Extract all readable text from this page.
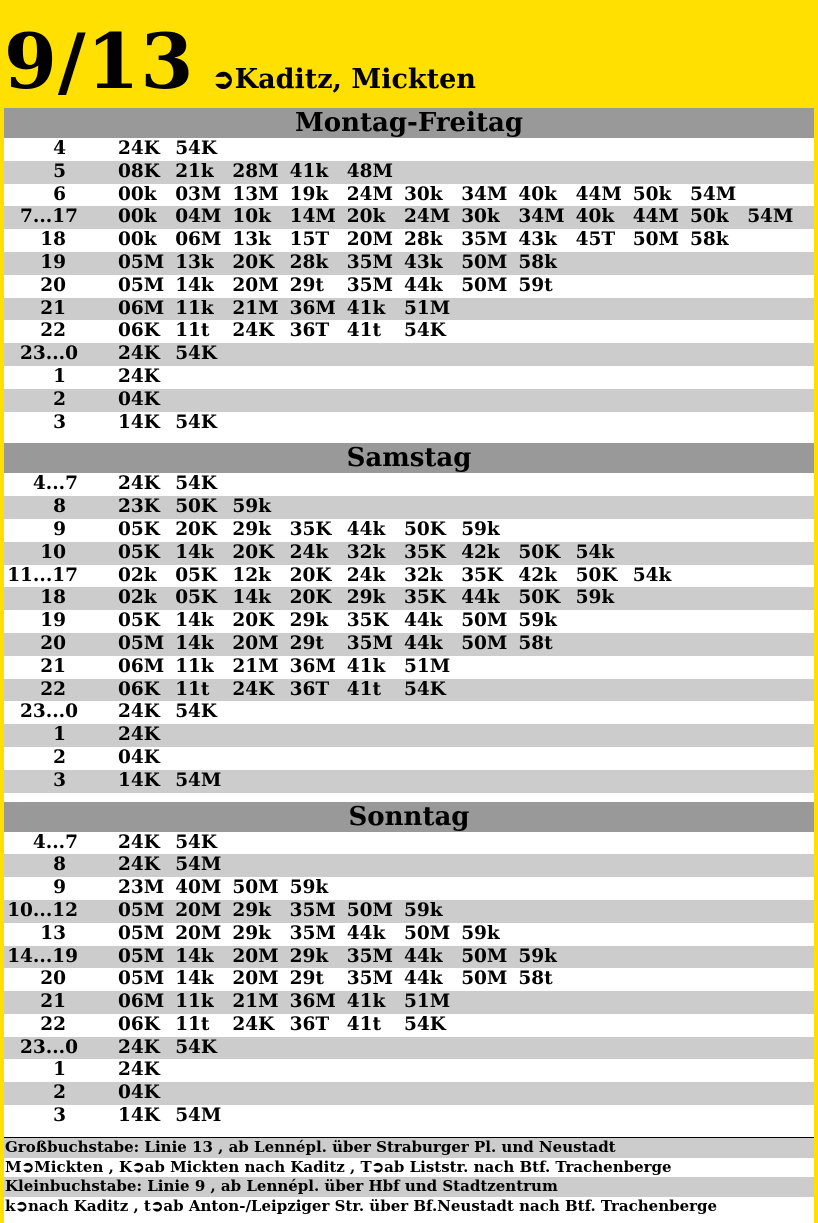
9/13 ➲Kaditz, Mickten
Montag-Freitag
4	24K 54K
5	08K 21k 28M 41k 48M
6	00k 03M 13M 19k 24M 30k 34M 40k 44M 50k 54M
7...17 00k 04M 10k 14M 20k 24M 30k 34M 40k 44M 50k 54M
18	00k 06M 13k 15T 20M 28k 35M 43k 45T 50M 58k
19	05M 13k 20K 28k 35M 43k 50M 58k
20	05M 14k 20M 29t 35M 44k 50M 59t
21	06M 11k 21M 36M 41k 51M
22	06K 11t 24K 36T 41t 54K
23...0 24K 54K
1	24K
2	04K
3	14K 54K
Samstag
4...7 24K 54K
8	23K 50K 59k
9	05K 20K 29k 35K 44k 50K 59k
10	05K 14k 20K 24k 32k 35K 42k 50K 54k
11...17 02k 05K 12k 20K 24k 32k 35K 42k 50K 54k
18	02k 05K 14k 20K 29k 35K 44k 50K 59k
19	05K 14k 20K 29k 35K 44k 50M 59k
20	05M 14k 20M 29t 35M 44k 50M 58t
21	06M 11k 21M 36M 41k 51M
22	06K 11t 24K 36T 41t 54K
23...0 24K 54K
1	24K
2	04K
3	14K 54M
Sonntag
4...7 24K 54K
8	24K 54M
9	23M 40M 50M 59k
10...12 05M 20M 29k 35M 50M 59k
13	05M 20M 29k 35M 44k 50M 59k
14...19 05M 14k 20M 29k 35M 44k 50M 59k
20	05M 14k 20M 29t 35M 44k 50M 58t
21	06M 11k 21M 36M 41k 51M
22	06K 11t 24K 36T 41t 54K
23...0 24K 54K
1	24K
2	04K
3	14K 54M
Großbuchstabe: Linie 13 , ab Lennépl. über Straburger Pl. und Neustadt
M➲Mickten , K➲ab Mickten nach Kaditz , T➲ab Liststr. nach Btf. Trachenberge
Kleinbuchstabe: Linie 9 , ab Lennépl. über Hbf und Stadtzentrum
k➲nach Kaditz , t➲ab Anton-/Leipziger Str. über Bf.Neustadt nach Btf. Trachenberge
